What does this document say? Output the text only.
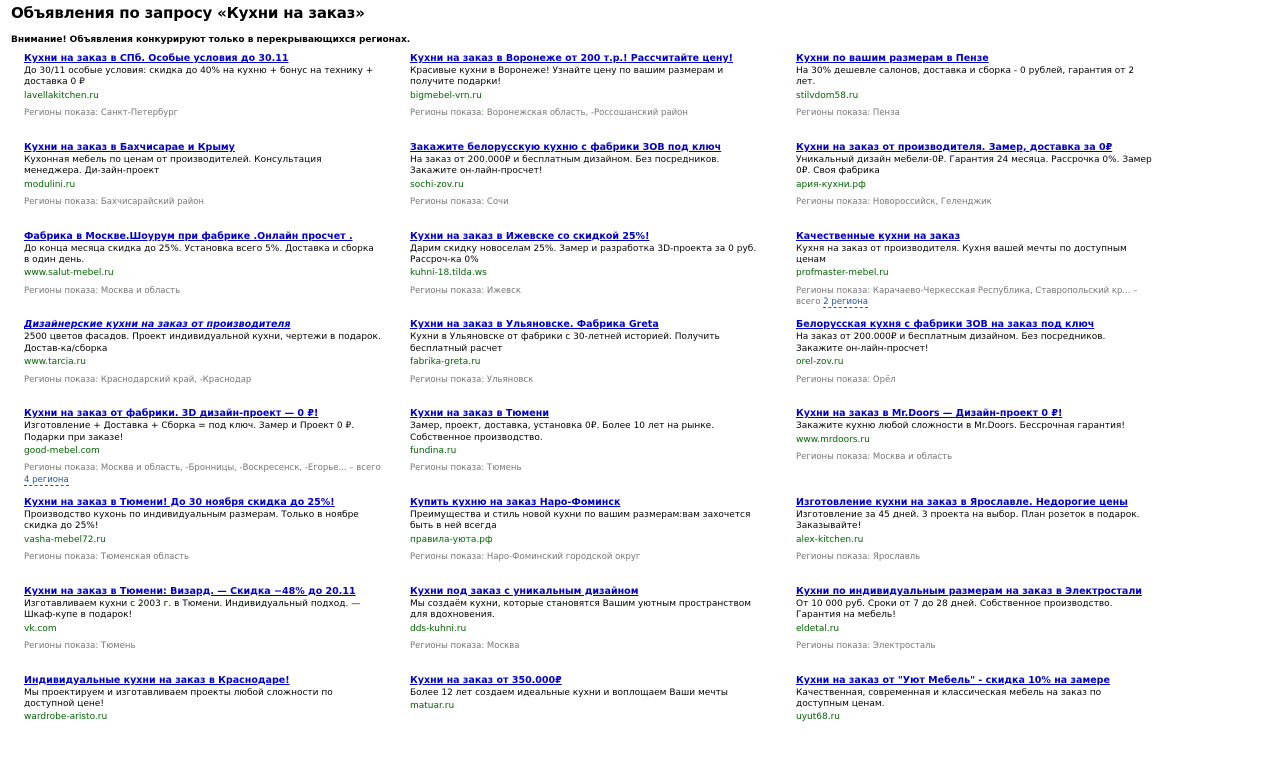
Объявления по запросу «Кухни на заказ»
Внимание! Объявления конкурируют только в перекрывающихся регионах.
Кухни на заказ в СПб. Особые условия до 30.11
До 30/11 особые условия: скидка до 40% на кухню + бонус на технику + доставка 0 ₽
lavellakitchen.ru
Регионы показа: Санкт-Петербург
Кухни на заказ в Воронеже от 200 т.р.! Рассчитайте цену!
Красивые кухни в Воронеже! Узнайте цену по вашим размерам и получите подарки!
bigmebel-vrn.ru
Регионы показа: Воронежская область, -Россошанский район
Кухни по вашим размерам в Пензе
На 30% дешевле салонов, доставка и сборка - 0 рублей, гарантия от 2 лет.
stilvdom58.ru
Регионы показа: Пенза
Кухни на заказ в Бахчисарае и Крыму
Кухонная мебель по ценам от производителей. Консультация менеджера. Ди-зайн-проект
modulini.ru
Регионы показа: Бахчисарайский район
Закажите белорусскую кухню с фабрики ЗОВ под ключ
На заказ от 200.000₽ и бесплатным дизайном. Без посредников. Закажите он-лайн-просчет!
sochi-zov.ru
Регионы показа: Сочи
Кухни на заказ от производителя. Замер, доставка за 0₽
Уникальный дизайн мебели-0₽. Гарантия 24 месяца. Рассрочка 0%. Замер 0₽. Своя фабрика
ария-кухни.рф
Регионы показа: Новороссийск, Геленджик
Фабрика в Москве.Шоурум при фабрике .Онлайн просчет .
До конца месяца скидка до 25%. Установка всего 5%. Доставка и сборка в один день.
www.salut-mebel.ru
Регионы показа: Москва и область
Кухни на заказ в Ижевске со скидкой 25%!
Дарим скидку новоселам 25%. Замер и разработка 3D-проекта за 0 руб. Рассроч-ка 0%
kuhni-18.tilda.ws
Регионы показа: Ижевск
Качественные кухни на заказ
Кухня на заказ от производителя. Кухня вашей мечты по доступным ценам
profmaster-mebel.ru
Регионы показа: Карачаево-Черкесская Республика, Ставропольский кр... – всего 2 региона
Дизайнерские кухни на заказ от производителя
2500 цветов фасадов. Проект индивидуальной кухни, чертежи в подарок. Достав-ка/сборка
www.tarcia.ru
Регионы показа: Краснодарский край, -Краснодар
Кухни на заказ в Ульяновске. Фабрика Greta
Кухни в Ульяновске от фабрики с 30-летней историей. Получить бесплатный расчет
fabrika-greta.ru
Регионы показа: Ульяновск
Белорусская кухня с фабрики ЗОВ на заказ под ключ
На заказ от 200.000₽ и бесплатным дизайном. Без посредников. Закажите он-лайн-просчет!
orel-zov.ru
Регионы показа: Орёл
Кухни на заказ от фабрики. 3D дизайн-проект — 0 ₽!
Изготовление + Доставка + Сборка = под ключ. Замер и Проект 0 ₽. Подарки при заказе!
good-mebel.com
Регионы показа: Москва и область, -Бронницы, -Воскресенск, -Егорье... – всего 4 региона
Кухни на заказ в Тюмени
Замер, проект, доставка, установка 0₽. Более 10 лет на рынке. Собственное производство.
fundina.ru
Регионы показа: Тюмень
Кухни на заказ в Mr.Doors — Дизайн-проект 0 ₽!
Закажите кухню любой сложности в Mr.Doors. Бессрочная гарантия!
www.mrdoors.ru
Регионы показа: Москва и область
Кухни на заказ в Тюмени! До 30 ноября скидка до 25%!
Производство кухонь по индивидуальным размерам. Только в ноябре скидка до 25%!
vasha-mebel72.ru
Регионы показа: Тюменская область
Купить кухню на заказ Наро-Фоминск
Преимущества и стиль новой кухни по вашим размерам:вам захочется быть в ней всегда
правила-уюта.рф
Регионы показа: Наро-Фоминский городской округ
Изготовление кухни на заказ в Ярославле. Недорогие цены
Изготовление за 45 дней. 3 проекта на выбор. План розеток в подарок. Заказывайте!
alex-kitchen.ru
Регионы показа: Ярославль
Кухни на заказ в Тюмени: Визард. — Скидка −48% до 20.11
Изготавливаем кухни с 2003 г. в Тюмени. Индивидуальный подход. — Шкаф-купе в подарок!
vk.com
Регионы показа: Тюмень
Кухни под заказ с уникальным дизайном
Мы создаём кухни, которые становятся Вашим уютным пространством для вдохновения.
dds-kuhni.ru
Регионы показа: Москва
Кухни по индивидуальным размерам на заказ в Электростали
От 10 000 руб. Сроки от 7 до 28 дней. Собственное производство. Гарантия на мебель!
eldetal.ru
Регионы показа: Электросталь
Индивидуальные кухни на заказ в Краснодаре!
Мы проектируем и изготавливаем проекты любой сложности по доступной цене!
wardrobe-aristo.ru
Кухни на заказ от 350.000₽
Более 12 лет создаем идеальные кухни и воплощаем Ваши мечты
matuar.ru
Кухни на заказ от "Уют Мебель" - скидка 10% на замере
Качественная, современная и классическая мебель на заказ по доступным ценам.
uyut68.ru
